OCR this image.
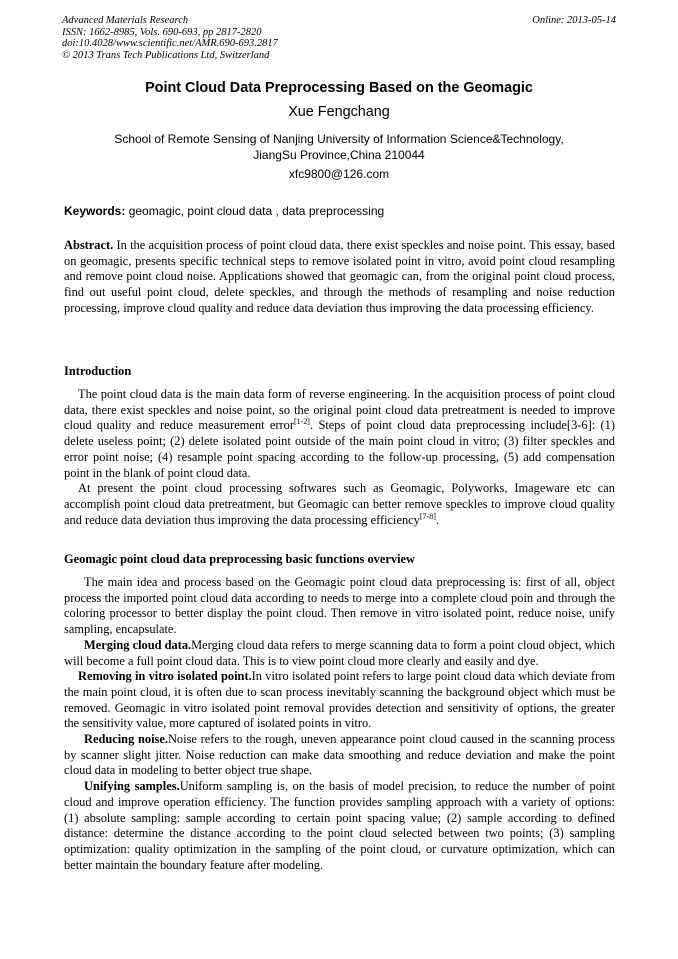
Advanced Materials Research
ISSN: 1662-8985, Vols. 690-693, pp 2817-2820
doi:10.4028/www.scientific.net/AMR.690-693.2817
© 2013 Trans Tech Publications Ltd, Switzerland
Online: 2013-05-14
Point Cloud Data Preprocessing Based on the Geomagic
Xue Fengchang
School of Remote Sensing of Nanjing University of Information Science&Technology,
JiangSu Province,China 210044
xfc9800@126.com
Keywords: geomagic, point cloud data , data preprocessing

Abstract. In the acquisition process of point cloud data, there exist speckles and noise point. This essay, based on geomagic, presents specific technical steps to remove isolated point in vitro, avoid point cloud resampling and remove point cloud noise. Applications showed that geomagic can, from the original point cloud process, find out useful point cloud, delete speckles, and through the methods of resampling and noise reduction processing, improve cloud quality and reduce data deviation thus improving the data processing efficiency.

Introduction

The point cloud data is the main data form of reverse engineering. In the acquisition process of point cloud data, there exist speckles and noise point, so the original point cloud data pretreatment is needed to improve cloud quality and reduce measurement error[1-2]. Steps of point cloud data preprocessing include[3-6]: (1) delete useless point; (2) delete isolated point outside of the main point cloud in vitro; (3) filter speckles and error point noise; (4) resample point spacing according to the follow-up processing, (5) add compensation point in the blank of point cloud data.

At present the point cloud processing softwares such as Geomagic, Polyworks, Imageware etc can accomplish point cloud data pretreatment, but Geomagic can better remove speckles to improve cloud quality and reduce data deviation thus improving the data processing efficiency[7-8].

Geomagic point cloud data preprocessing basic functions overview

The main idea and process based on the Geomagic point cloud data preprocessing is: first of all, object process the imported point cloud data according to needs to merge into a complete cloud poin and through the coloring processor to better display the point cloud. Then remove in vitro isolated point, reduce noise, unify sampling, encapsulate.

Merging cloud data.Merging cloud data refers to merge scanning data to form a point cloud object, which will become a full point cloud data. This is to view point cloud more clearly and easily and dye.

Removing in vitro isolated point.In vitro isolated point refers to large point cloud data which deviate from the main point cloud, it is often due to scan process inevitably scanning the background object which must be removed. Geomagic in vitro isolated point removal provides detection and sensitivity of options, the greater the sensitivity value, more captured of isolated points in vitro.

Reducing noise.Noise refers to the rough, uneven appearance point cloud caused in the scanning process by scanner slight jitter. Noise reduction can make data smoothing and reduce deviation and make the point cloud data in modeling to better object true shape.

Unifying samples.Uniform sampling is, on the basis of model precision, to reduce the number of point cloud and improve operation efficiency. The function provides sampling approach with a variety of options: (1) absolute sampling: sample according to certain point spacing value; (2) sample according to defined distance: determine the distance according to the point cloud selected between two points; (3) sampling optimization: quality optimization in the sampling of the point cloud, or curvature optimization, which can better maintain the boundary feature after modeling.
